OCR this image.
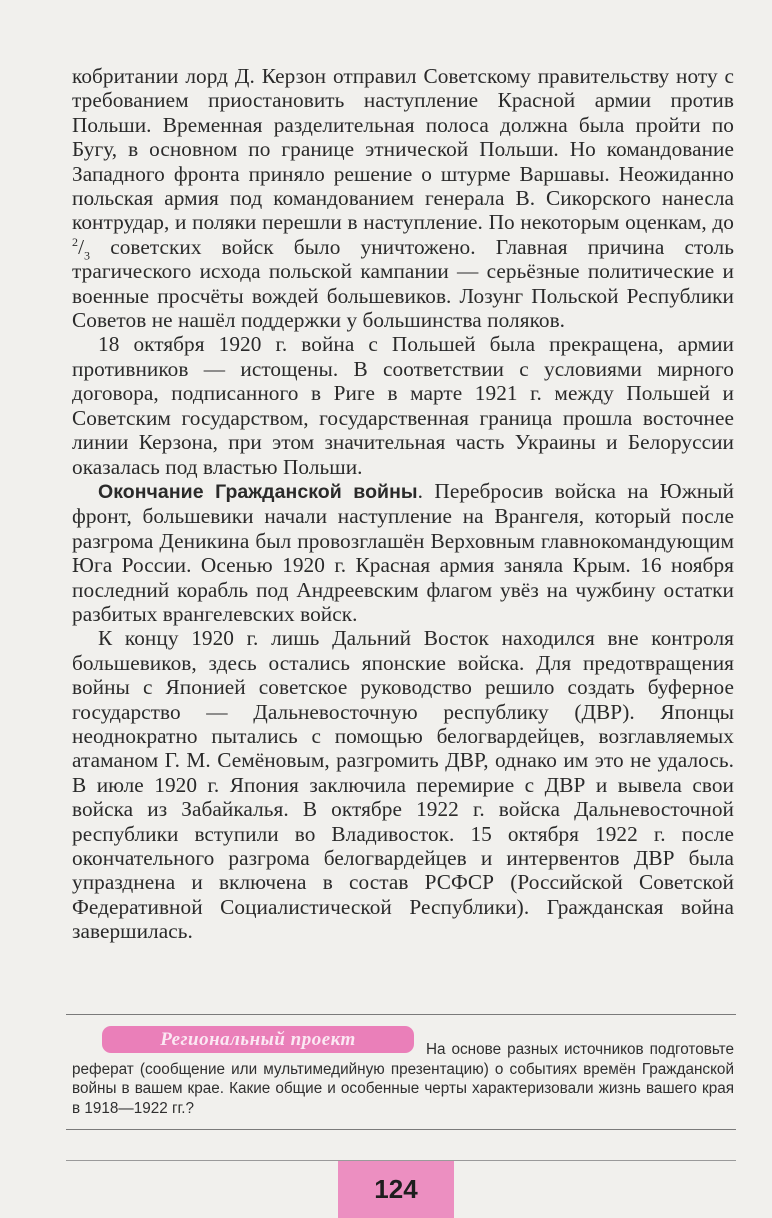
кобритании лорд Д. Керзон отправил Советскому правительству ноту с требованием приостановить наступление Красной армии против Польши. Временная разделительная полоса должна была пройти по Бугу, в основном по границе этнической Польши. Но командование Западного фронта приняло решение о штурме Варшавы. Неожиданно польская армия под командованием генерала В. Сикорского нанесла контрудар, и поляки перешли в наступление. По некоторым оценкам, до $^2/_3$ советских войск было уничтожено. Главная причина столь трагического исхода польской кампании — серьёзные политические и военные просчёты вождей большевиков. Лозунг Польской Республики Советов не нашёл поддержки у большинства поляков.

18 октября 1920 г. война с Польшей была прекращена, армии противников — истощены. В соответствии с условиями мирного договора, подписанного в Риге в марте 1921 г. между Польшей и Советским государством, государственная граница прошла восточнее линии Керзона, при этом значительная часть Украины и Белоруссии оказалась под властью Польши.

Окончание Гражданской войны. Перебросив войска на Южный фронт, большевики начали наступление на Врангеля, который после разгрома Деникина был провозглашён Верховным главнокомандующим Юга России. Осенью 1920 г. Красная армия заняла Крым. 16 ноября последний корабль под Андреевским флагом увёз на чужбину остатки разбитых врангелевских войск.

К концу 1920 г. лишь Дальний Восток находился вне контроля большевиков, здесь остались японские войска. Для предотвращения войны с Японией советское руководство решило создать буферное государство — Дальневосточную республику (ДВР). Японцы неоднократно пытались с помощью белогвардейцев, возглавляемых атаманом Г. М. Семёновым, разгромить ДВР, однако им это не удалось. В июле 1920 г. Япония заключила перемирие с ДВР и вывела свои войска из Забайкалья. В октябре 1922 г. войска Дальневосточной республики вступили во Владивосток. 15 октября 1922 г. после окончательного разгрома белогвардейцев и интервентов ДВР была упразднена и включена в состав РСФСР (Российской Советской Федеративной Социалистической Республики). Гражданская война завершилась.

Региональный проект	На основе разных источников подготовьте реферат (сообщение или мультимедийную презентацию) о событиях времён Гражданской войны в вашем крае. Какие общие и особенные черты характеризовали жизнь вашего края в 1918—1922 гг.?
124
